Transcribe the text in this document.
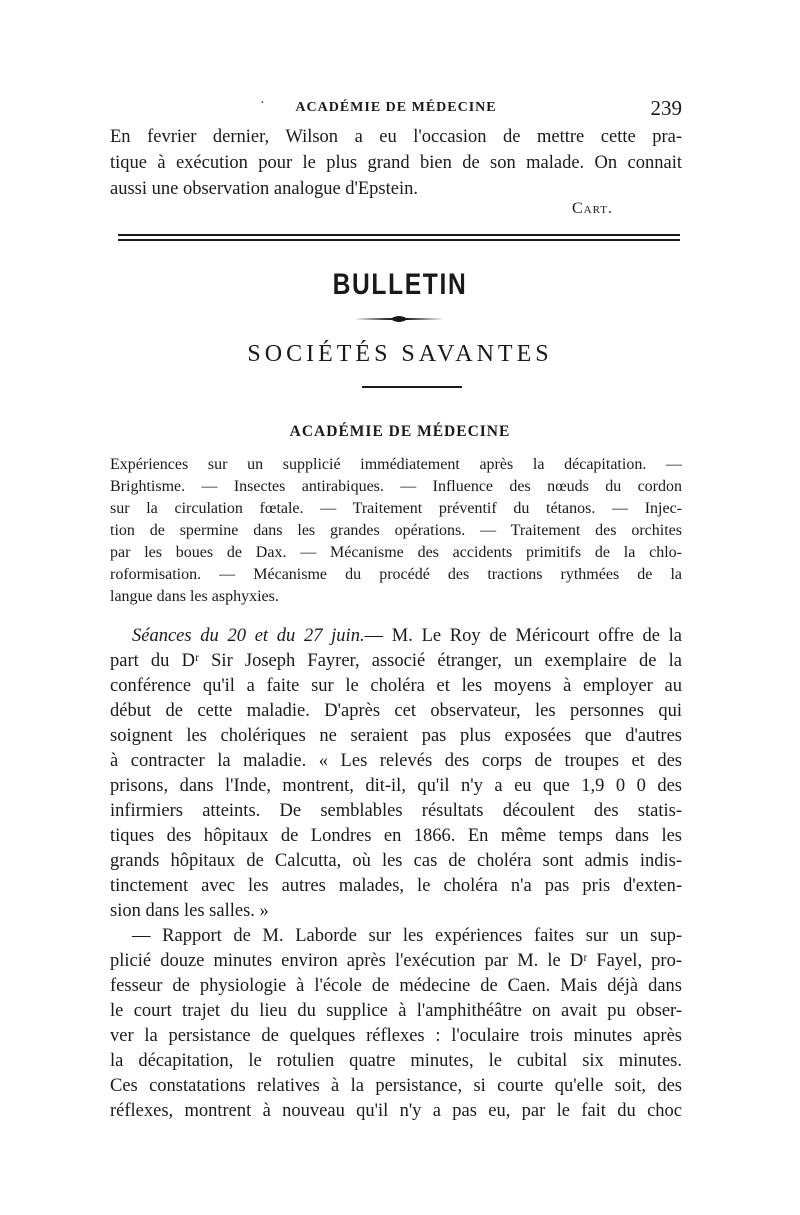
·	ACADÉMIE DE MÉDECINE	239
En fevrier dernier, Wilson a eu l'occasion de mettre cette pra-
tique à exécution pour le plus grand bien de son malade. On connait
aussi une observation analogue d'Epstein.
Cart.
BULLETIN
SOCIÉTÉS SAVANTES
ACADÉMIE DE MÉDECINE
Expériences sur un supplicié immédiatement après la décapitation. —
Brightisme. — Insectes antirabiques. — Influence des nœuds du cordon
sur la circulation fœtale. — Traitement préventif du tétanos. — Injec-
tion de spermine dans les grandes opérations. — Traitement des orchites
par les boues de Dax. — Mécanisme des accidents primitifs de la chlo-
roformisation. — Mécanisme du procédé des tractions rythmées de la
langue dans les asphyxies.
Séances du 20 et du 27 juin.— M. Le Roy de Méricourt offre de la
part du Dʳ Sir Joseph Fayrer, associé étranger, un exemplaire de la
conférence qu'il a faite sur le choléra et les moyens à employer au
début de cette maladie. D'après cet observateur, les personnes qui
soignent les cholériques ne seraient pas plus exposées que d'autres
à contracter la maladie. « Les relevés des corps de troupes et des
prisons, dans l'Inde, montrent, dit-il, qu'il n'y a eu que 1,9 0 0 des
infirmiers atteints. De semblables résultats découlent des statis-
tiques des hôpitaux de Londres en 1866. En même temps dans les
grands hôpitaux de Calcutta, où les cas de choléra sont admis indis-
tinctement avec les autres malades, le choléra n'a pas pris d'exten-
sion dans les salles. »
— Rapport de M. Laborde sur les expériences faites sur un sup-
plicié douze minutes environ après l'exécution par M. le Dʳ Fayel, pro-
fesseur de physiologie à l'école de médecine de Caen. Mais déjà dans
le court trajet du lieu du supplice à l'amphithéâtre on avait pu obser-
ver la persistance de quelques réflexes : l'oculaire trois minutes après
la décapitation, le rotulien quatre minutes, le cubital six minutes.
Ces constatations relatives à la persistance, si courte qu'elle soit, des
réflexes, montrent à nouveau qu'il n'y a pas eu, par le fait du choc
